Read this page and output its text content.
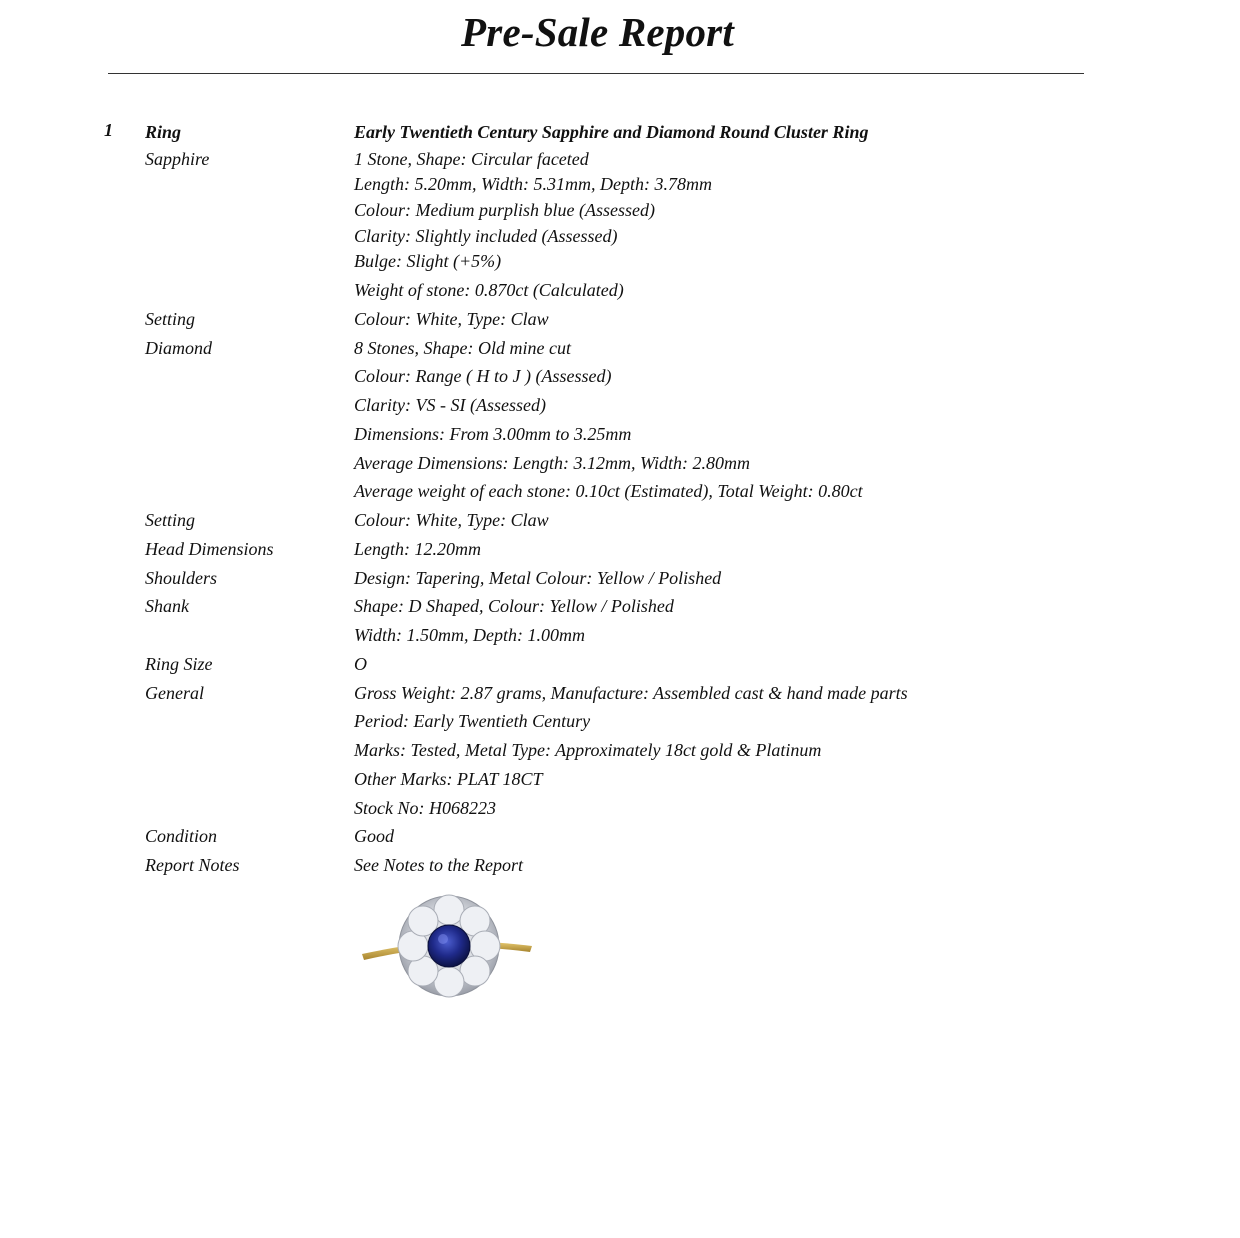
Pre-Sale Report
1 Ring	Early Twentieth Century Sapphire and Diamond Round Cluster Ring
Sapphire	1 Stone, Shape: Circular faceted
Length: 5.20mm, Width: 5.31mm, Depth: 3.78mm
Colour: Medium purplish blue (Assessed)
Clarity: Slightly included (Assessed)
Bulge: Slight (+5%)
Weight of stone: 0.870ct (Calculated)
Setting	Colour: White, Type: Claw
Diamond	8 Stones, Shape: Old mine cut
Colour: Range ( H to J ) (Assessed)
Clarity: VS - SI (Assessed)
Dimensions: From 3.00mm to 3.25mm
Average Dimensions: Length: 3.12mm, Width: 2.80mm
Average weight of each stone: 0.10ct (Estimated), Total Weight: 0.80ct
Setting	Colour: White, Type: Claw
Head Dimensions	Length: 12.20mm
Shoulders	Design: Tapering, Metal Colour: Yellow / Polished
Shank	Shape: D Shaped, Colour: Yellow / Polished
Width: 1.50mm, Depth: 1.00mm
Ring Size	O
General	Gross Weight: 2.87 grams, Manufacture: Assembled cast & hand made parts
Period: Early Twentieth Century
Marks: Tested, Metal Type: Approximately 18ct gold & Platinum
Other Marks: PLAT 18CT
Stock No: H068223
Condition	Good
Report Notes	See Notes to the Report
